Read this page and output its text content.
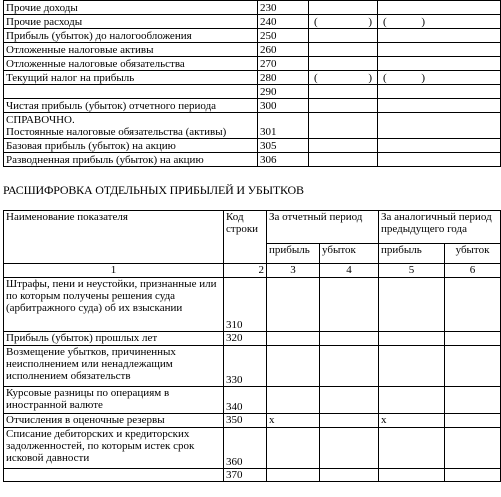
Прочие доходы	230		
Прочие расходы	240	( )	( )

Прибыль (убыток) до налогообложения	250		
Отложенные налоговые активы	260		
Отложенные налоговые обязательства	270		
Текущий налог на прибыль	280	( )	( )

	290		
Чистая прибыль (убыток) отчетного периода	300		

СПРАВОЧНО.
Постоянные налоговые обязательства (активы)	301		
Базовая прибыль (убыток) на акцию	305		
Разводненная прибыль (убыток) на акцию	306		
РАСШИФРОВКА ОТДЕЛЬНЫХ ПРИБЫЛЕЙ И УБЫТКОВ
Наименование показателя	Код строки	За отчетный период		За аналогичный период предыдущего года	
		прибыль	убыток	прибыль	убыток
1	2	3	4	5	6
Штрафы, пени и неустойки, признанные или по которым получены решения суда (арбитражного суда) об их взыскании	310				
Прибыль (убыток) прошлых лет	320				
Возмещение убытков, причиненных неисполнением или ненадлежащим исполнением обязательств	330				
Курсовые разницы по операциям в иностранной валюте	340				
Отчисления в оценочные резервы	350	х		х	
Списание дебиторских и кредиторских задолженностей, по которым истек срок исковой давности	360				
	370				
